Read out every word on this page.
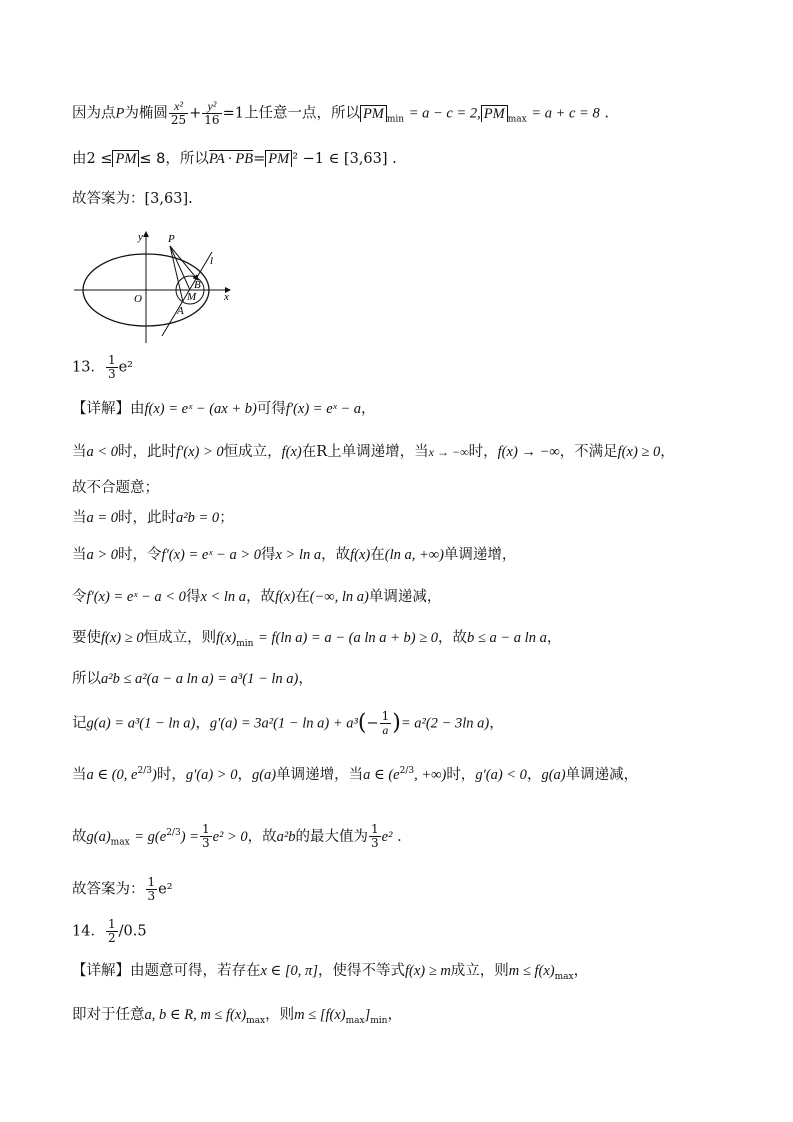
因为点P为椭圆 $\frac{\text{x²}}{25} + \frac{\text{y²}}{16} =1$上任意一点，所以 PM $_{min}$ = a − c = 2, PM $_{max}$ = a + c = 8 .
由2 ≤ PM ≤ 8，所以PA · PB= PM ² −1 ∈ [3,63] .
故答案为：[3,63].
y
x
O
P
l
B
M
A
13． $\frac{1}{3} e^2$
【详解】由f(x) = eˣ − (ax + b)可得f′(x) = eˣ − a，
当a < 0时，此时f′(x) > 0恒成立，f(x)在R上单调递增，当x → −∞时，f(x) → −∞，不满足f(x) ≥ 0，
故不合题意；
当a = 0时，此时a²b = 0；
当a > 0时，令f′(x) = eˣ − a > 0得x > ln a，故f(x)在(ln a, +∞)单调递增，
令f′(x) = eˣ − a < 0得x < ln a，故f(x)在(−∞, ln a)单调递减，
要使f(x) ≥ 0恒成立，则$f(x)_{min} = f(\ln$ a) = a − (a ln a + b) ≥ 0，故b ≤ a − a ln a，
所以a²b ≤ a²(a − a ln a) = a³(1 − ln a)，
记g(a) = a³(1 − ln a)，$g'(a) = 3a^2(1 - \ln a) + a^3(- \frac{1}{a}$ )= a²(2 − 3ln a)，
当a ∈ (0, $e^{2/3}$)时，g′(a) > 0，g(a)单调递增，当a ∈ ($e^{2/3}$, +∞)时，g′(a) < 0，g(a)单调递减，
故$g(a)_{max} = g(e^{2/3}) = \frac{1}{3} e^2 > 0$，故a²b的最大值为 $\frac{1}{3} e^2$ ．
故答案为： $\frac{1}{3} e^2$
14． $\frac{1}{2} /0.5$
【详解】由题意可得，若存在x ∈ [0, π]，使得不等式f(x) ≥ m成立，则$m \le f(x)_{max}$，
即对于任意a, b ∈ R, $m \le f(x)_{max}$，则$m \le [f(x)_{max}]_{min}$，
